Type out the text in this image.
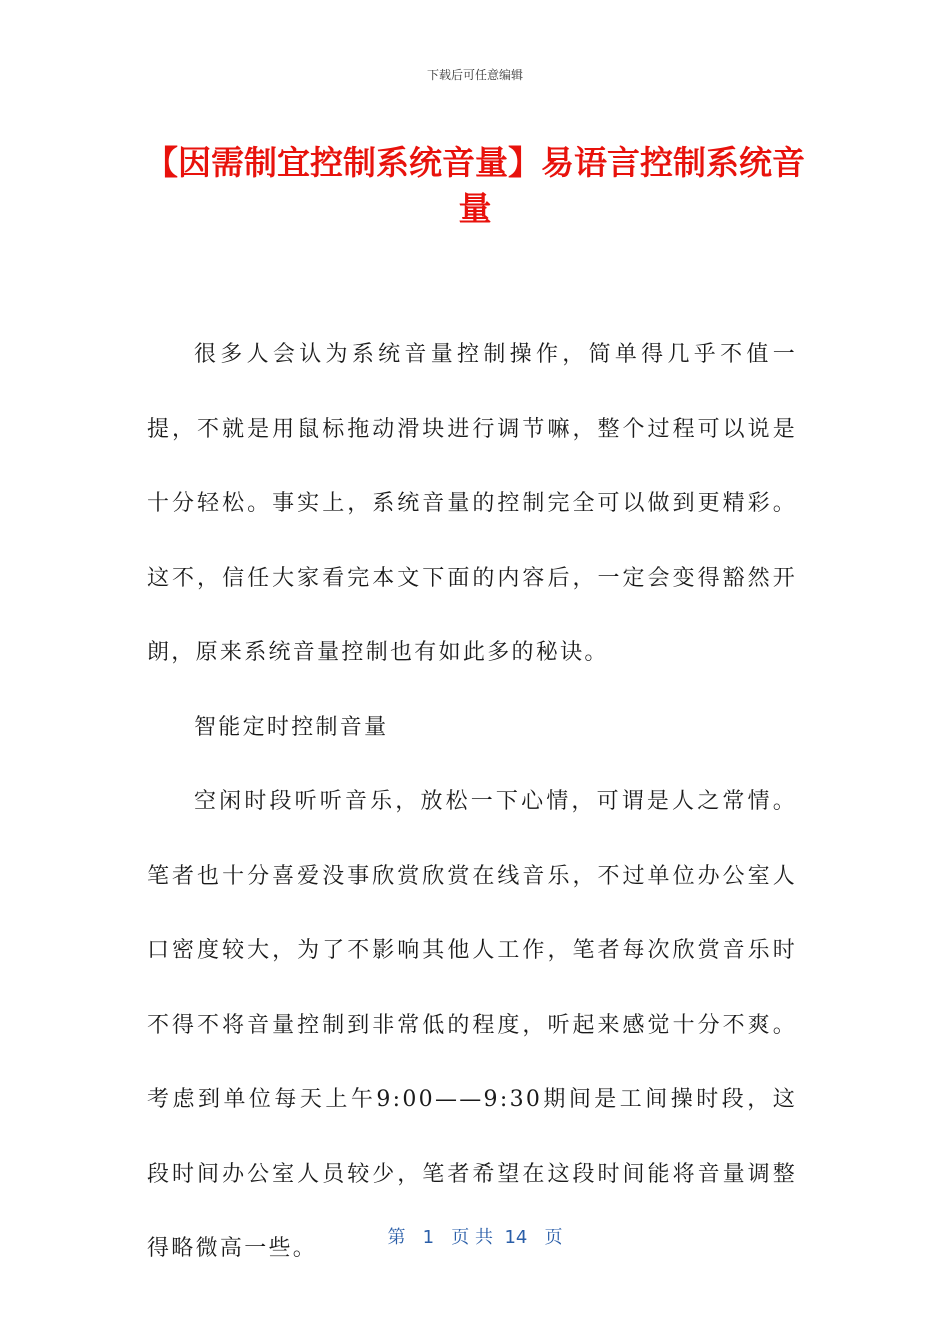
下载后可任意编辑
【因需制宜控制系统音量】易语言控制系统音量

很多人会认为系统音量控制操作，简单得几乎不值一提，不就是用鼠标拖动滑块进行调节嘛，整个过程可以说是十分轻松。事实上，系统音量的控制完全可以做到更精彩。这不，信任大家看完本文下面的内容后，一定会变得豁然开朗，原来系统音量控制也有如此多的秘诀。

智能定时控制音量

空闲时段听听音乐，放松一下心情，可谓是人之常情。笔者也十分喜爱没事欣赏欣赏在线音乐，不过单位办公室人口密度较大，为了不影响其他人工作，笔者每次欣赏音乐时不得不将音量控制到非常低的程度，听起来感觉十分不爽。考虑到单位每天上午9:00——9:30期间是工间操时段，这段时间办公室人员较少，笔者希望在这段时间能将音量调整得略微高一些。	第 1 页 共 14 页
